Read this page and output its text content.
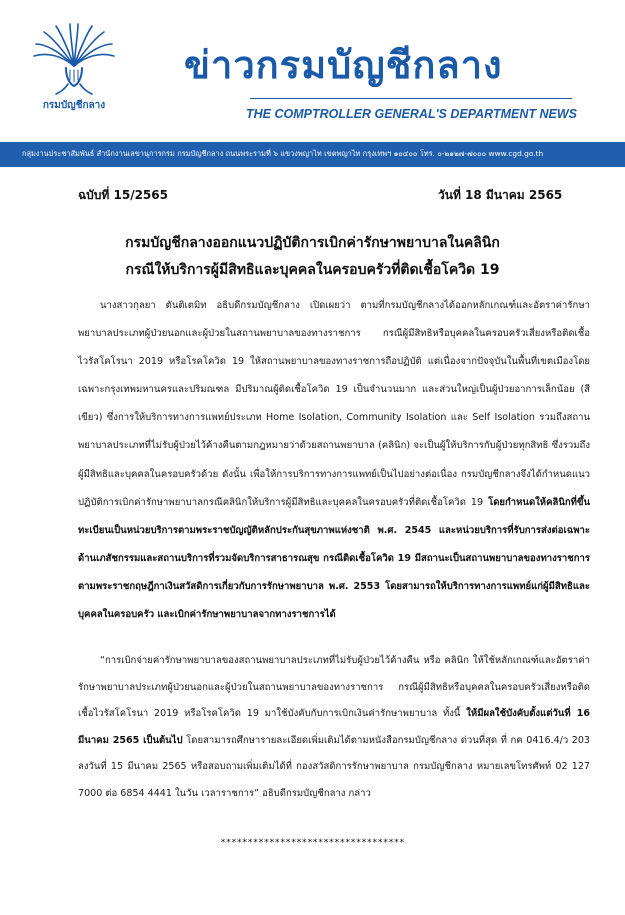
กรมบัญชีกลาง
ข่าวกรมบัญชีกลาง
THE COMPTROLLER GENERAL'S DEPARTMENT NEWS
กลุ่มงานประชาสัมพันธ์ สำนักงานเลขานุการกรม กรมบัญชีกลาง ถนนพระรามที่ ๖ แขวงพญาไท เขตพญาไท กรุงเทพฯ ๑๐๔๐๐ โทร. ๐-๒๑๒๗-๗๐๐๐ www.cgd.go.th
ฉบับที่ 15/2565	วันที่ 18 มีนาคม 2565
กรมบัญชีกลางออกแนวปฏิบัติการเบิกค่ารักษาพยาบาลในคลินิก
กรณีให้บริการผู้มีสิทธิและบุคคลในครอบครัวที่ติดเชื้อโควิด 19

นางสาวกุลยา ตันติเตมิท อธิบดีกรมบัญชีกลาง เปิดเผยว่า ตามที่กรมบัญชีกลางได้ออกหลักเกณฑ์และอัตราค่ารักษาพยาบาลประเภทผู้ป่วยนอกและผู้ป่วยในสถานพยาบาลของทางราชการ กรณีผู้มีสิทธิหรือบุคคลในครอบครัวเสี่ยงหรือติดเชื้อไวรัสโคโรนา 2019 หรือโรคโควิด 19 ให้สถานพยาบาลของทางราชการถือปฏิบัติ แต่เนื่องจากปัจจุบันในพื้นที่เขตเมืองโดยเฉพาะกรุงเทพมหานครและปริมณฑล มีปริมาณผู้ติดเชื้อโควิด 19 เป็นจำนวนมาก และส่วนใหญ่เป็นผู้ป่วยอาการเล็กน้อย (สีเขียว) ซึ่งการให้บริการทางการแพทย์ประเภท Home Isolation, Community Isolation และ Self Isolation รวมถึงสถานพยาบาลประเภทที่ไม่รับผู้ป่วยไว้ค้างคืนตามกฎหมายว่าด้วยสถานพยาบาล (คลินิก) จะเป็นผู้ให้บริการกับผู้ป่วยทุกสิทธิ ซึ่งรวมถึงผู้มีสิทธิและบุคคลในครอบครัวด้วย ดังนั้น เพื่อให้การบริการทางการแพทย์เป็นไปอย่างต่อเนื่อง กรมบัญชีกลางจึงได้กำหนดแนวปฏิบัติการเบิกค่ารักษาพยาบาลกรณีคลินิกให้บริการผู้มีสิทธิและบุคคลในครอบครัวที่ติดเชื้อโควิด 19 โดยกำหนดให้คลินิกที่ขึ้นทะเบียนเป็นหน่วยบริการตามพระราชบัญญัติหลักประกันสุขภาพแห่งชาติ พ.ศ. 2545 และหน่วยบริการที่รับการส่งต่อเฉพาะด้านเภสัชกรรมและสถานบริการที่รวมจัดบริการสาธารณสุข กรณีติดเชื้อโควิด 19 มีสถานะเป็นสถานพยาบาลของทางราชการตามพระราชกฤษฎีกาเงินสวัสดิการเกี่ยวกับการรักษาพยาบาล พ.ศ. 2553 โดยสามารถให้บริการทางการแพทย์แก่ผู้มีสิทธิและบุคคลในครอบครัว และเบิกค่ารักษาพยาบาลจากทางราชการได้

“การเบิกจ่ายค่ารักษาพยาบาลของสถานพยาบาลประเภทที่ไม่รับผู้ป่วยไว้ค้างคืน หรือ คลินิก ให้ใช้หลักเกณฑ์และอัตราค่ารักษาพยาบาลประเภทผู้ป่วยนอกและผู้ป่วยในสถานพยาบาลของทางราชการ กรณีผู้มีสิทธิหรือบุคคลในครอบครัวเสี่ยงหรือติดเชื้อไวรัสโคโรนา 2019 หรือโรคโควิด 19 มาใช้บังคับกับการเบิกเงินค่ารักษาพยาบาล ทั้งนี้ ให้มีผลใช้บังคับตั้งแต่วันที่ 16 มีนาคม 2565 เป็นต้นไป โดยสามารถศึกษารายละเอียดเพิ่มเติมได้ตามหนังสือกรมบัญชีกลาง ด่วนที่สุด ที่ กค 0416.4/ว 203 ลงวันที่ 15 มีนาคม 2565 หรือสอบถามเพิ่มเติมได้ที่ กองสวัสดิการรักษาพยาบาล กรมบัญชีกลาง หมายเลขโทรศัพท์ 02 127 7000 ต่อ 6854 4441 ในวัน เวลาราชการ” อธิบดีกรมบัญชีกลาง กล่าว

**********************************
